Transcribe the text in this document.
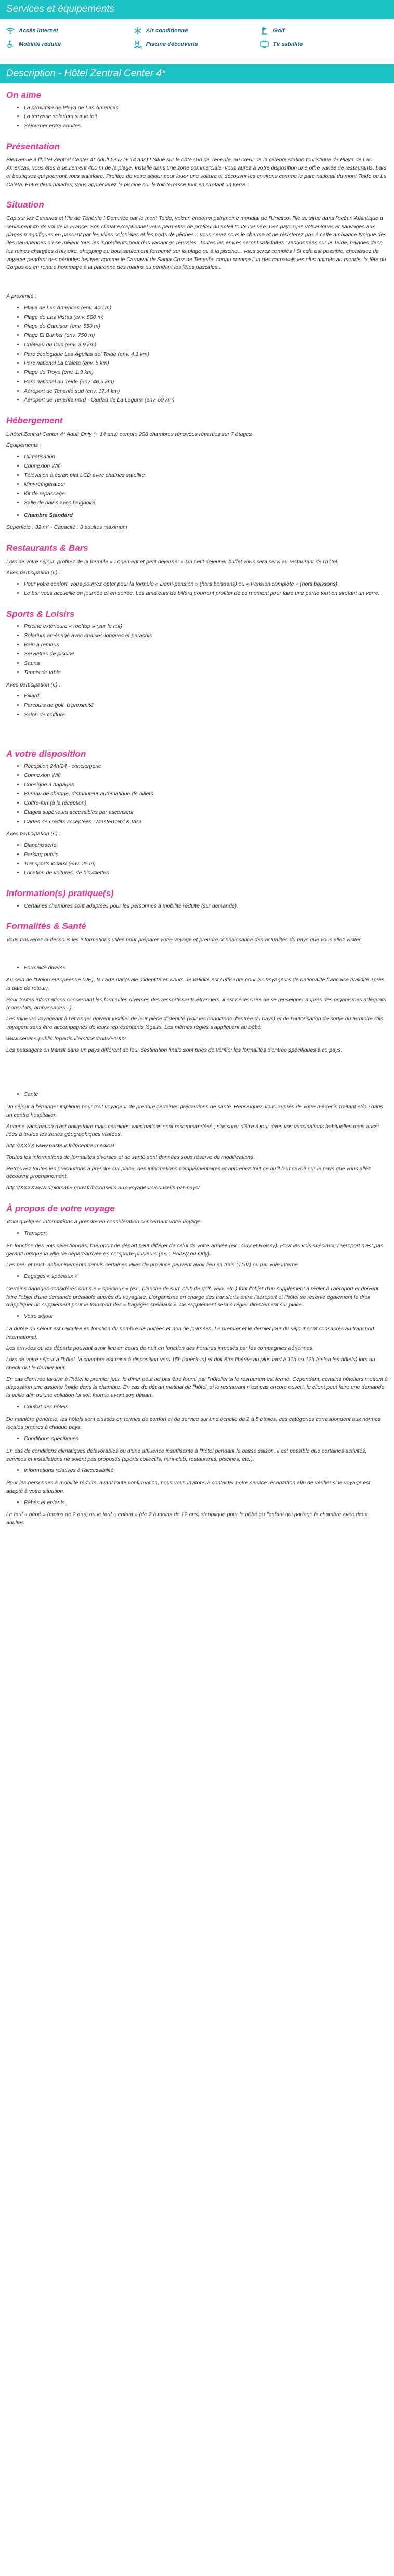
Services et équipements
Accès internet	Air conditionné	Golf
Mobilité réduite	Piscine découverte	Tv satellite
Description - Hôtel Zentral Center 4*
On aime
• La proximité de Playa de Las Americas
• La terrasse solarium sur le toit
• Séjourner entre adultes
Présentation

Bienvenue à l'hôtel Zentral Center 4* Adult Only (+ 14 ans) ! Situé sur la côte sud de Tenerife, au cœur de la célèbre station touristique de Playa de Las Americas, vous êtes à seulement 400 m de la plage. Installé dans une zone commerciale, vous aurez à votre disposition une offre variée de restaurants, bars et boutiques qui pourront vous satisfaire. Profitez de votre séjour pour louer une voiture et découvrir les environs comme le parc national du mont Teide ou La Caleta. Entre deux balades, vous apprécierez la piscine sur le toit-terrasse tout en sirotant un verre...

Situation

Cap sur les Canaries et l'île de Ténérife ! Dominée par le mont Teide, volcan endormi patrimoine mondial de l'Unesco, l'île se situe dans l'océan Atlantique à seulement 4h de vol de la France. Son climat exceptionnel vous permettra de profiter du soleil toute l'année. Des paysages volcaniques et sauvages aux plages magnifiques en passant par les villes coloniales et les ports de pêches... vous serez sous le charme et ne résisterez pas à cette ambiance typique des îles canariennes où se mêlent tous les ingrédients pour des vacances réussies. Toutes les envies seront satisfaites : randonnées sur le Teide, balades dans les ruines chargées d'histoire, shopping au bout seulement fermenté sur la plage ou à la piscine... vous serez comblés ! Si cela est possible, choisissez de voyager pendant des périodes festives comme le Carnaval de Santa Cruz de Tenerife, connu comme l'un des carnavals les plus animés au monde, la fête du Corpus ou en rendre hommage à la patronne des marins ou pendant les fêtes pascales...

À proximité :

• Playa de Las Americas (env. 400 m)
• Plage de Las Vistas (env. 500 m)
• Plage de Camison (env. 550 m)
• Plage El Bunker (env. 750 m)
• Château du Duc (env. 3,9 km)
• Parc écologique Las Águilas del Teide (env. 4,1 km)
• Parc national La Caleta (env. 5 km)
• Plage de Troya (env. 1,3 km)
• Parc national du Teide (env. 46,5 km)
• Aéroport de Tenerife sud (env. 17,4 km)
• Aéroport de Tenerife nord - Ciudad de La Laguna (env. 59 km)
Hébergement

L'hôtel Zentral Center 4* Adult Only (+ 14 ans) compte 208 chambres rénovées réparties sur 7 étages

Équipements :

• Climatisation
• Connexion Wifi
• Télévision à écran plat LCD avec chaînes satellite
• Mini-réfrigérateur
• Kit de repassage
• Salle de bains avec baignoire
• Chambre Standard

Superficie : 32 m² - Capacité : 3 adultes maximum

Restaurants & Bars

Lors de votre séjour, profitez de la formule « Logement et petit déjeuner » Un petit déjeuner buffet vous sera servi au restaurant de l'hôtel.

Avec participation (€) :

• Pour votre confort, vous pourrez opter pour la formule « Demi-pension » (hors boissons) ou « Pension complète » (hors boissons).
• Le bar vous accueille en journée et en soirée. Les amateurs de billard pourront profiter de ce moment pour faire une partie tout en sirotant un verre.
Sports & Loisirs
• Piscine extérieure « rooftop » (sur le toit)
• Solarium aménagé avec chaises-longues et parasols
• Bain à remous
• Serviettes de piscine
• Sauna
• Tennis de table

Avec participation (€) :

• Billard
• Parcours de golf, à proximité
• Salon de coiffure
A votre disposition
• Réception 24h/24 - conciergerie
• Connexion Wifi
• Consigne à bagages
• Bureau de change, distributeur automatique de billets
• Coffre-fort (à la réception)
• Étages supérieurs accessibles par ascenseur
• Cartes de crédits acceptées : MasterCard & Visa

Avec participation (€) :

• Blanchisserie
• Parking public
• Transports locaux (env. 25 m)
• Location de voitures, de bicyclettes
Information(s) pratique(s)
• Certaines chambres sont adaptées pour les personnes à mobilité réduite (sur demande).
Formalités & Santé

Vous trouverez ci-dessous les informations utiles pour préparer votre voyage et prendre connaissance des actualités du pays que vous allez visiter.

• Formalité diverse

Au sein de l'Union européenne (UE), la carte nationale d'identité en cours de validité est suffisante pour les voyageurs de nationalité française (validité après la date de retour).

Pour toutes informations concernant les formalités diverses des ressortissants étrangers, il est nécessaire de se renseigner auprès des organismes adéquats (consulats, ambassades...).

Les mineurs voyageant à l'étranger doivent justifier de leur pièce d'identité (voir les conditions d'entrée du pays) et de l'autorisation de sortie du territoire s'ils voyagent sans être accompagnés de leurs représentants légaux. Les mêmes règles s'appliquent au bébé.

www.service-public.fr/particuliers/vosdroits/F1922

Les passagers en transit dans un pays différent de leur destination finale sont priés de vérifier les formalités d'entrée spécifiques à ce pays.

• Santé

Un séjour à l'étranger implique pour tout voyageur de prendre certaines précautions de santé. Renseignez-vous auprès de votre médecin traitant et/ou dans un centre hospitalier.

Aucune vaccination n'est obligatoire mais certaines vaccinations sont recommandées ; s'assurer d'être à jour dans vos vaccinations habituelles mais aussi liées à toutes les zones géographiques visitées.

http://XXXX.www.pasteur.fr/fr/centre-medical

Toutes les informations de formalités diverses et de santé sont données sous réserve de modifications.

Retrouvez toutes les précautions à prendre sur place, des informations complémentaires et apprenez tout ce qu'il faut savoir sur le pays que vous allez découvrir prochainement.

http://XXXXwww.diplomatie.gouv.fr/fr/conseils-aux-voyageurs/conseils-par-pays/

À propos de votre voyage

Voici quelques informations à prendre en considération concernant votre voyage.

• Transport

En fonction des vols sélectionnés, l'aéroport de départ peut différer de celui de votre arrivée (ex : Orly et Roissy). Pour les vols spéciaux, l'aéroport n'est pas garanti lorsque la ville de départ/arrivée en comporte plusieurs (ex. : Roissy ou Orly).

Les pré- et post- acheminements depuis certaines villes de province peuvent avoir lieu en train (TGV) ou par voie interne.

• Bagages « spéciaux »

Certains bagages considérés comme « spéciaux » (ex : planche de surf, club de golf, vélo, etc.) font l'objet d'un supplément à régler à l'aéroport et doivent faire l'objet d'une demande préalable auprès du voyagiste. L'organisme en charge des transferts entre l'aéroport et l'hôtel se réserve également le droit d'appliquer un supplément pour le transport des « bagages spéciaux ». Ce supplément sera à régler directement sur place.

• Votre séjour

La durée du séjour est calculée en fonction du nombre de nuitées et non de journées. Le premier et le dernier jour du séjour sont consacrés au transport international.

Les arrivées ou les départs pouvant avoir lieu en cours de nuit en fonction des horaires imposés par les compagnies aériennes.

Lors de votre séjour à l'hôtel, la chambre est mise à disposition vers 15h (check-in) et doit être libérée au plus tard à 11h ou 12h (selon les hôtels) lors du check-out le dernier jour.

En cas d'arrivée tardive à l'hôtel le premier jour, le dîner peut ne pas être fourni par l'hôtelier si le restaurant est fermé. Cependant, certains hôteliers mettent à disposition une assiette froide dans la chambre. En cas de départ matinal de l'hôtel, si le restaurant n'est pas encore ouvert, le client peut faire une demande la veille afin qu'une collation lui soit fournie avant son départ.

• Confort des hôtels

De manière générale, les hôtels sont classés en termes de confort et de service sur une échelle de 2 à 5 étoiles, ces catégories correspondent aux normes locales propres à chaque pays.

• Conditions spécifiques

En cas de conditions climatiques défavorables ou d'une affluence insuffisante à l'hôtel pendant la basse saison, il est possible que certaines activités, services et installations ne soient pas proposés (sports collectifs, mini-club, restaurants, piscines, etc.).

• Informations relatives à l'accessibilité

Pour les personnes à mobilité réduite, avant toute confirmation, nous vous invitons à contacter notre service réservation afin de vérifier si le voyage est adapté à votre situation.

• Bébés et enfants

Le tarif « bébé » (moins de 2 ans) ou le tarif « enfant » (de 2 à moins de 12 ans) s'applique pour le bébé ou l'enfant qui partage la chambre avec deux adultes.
